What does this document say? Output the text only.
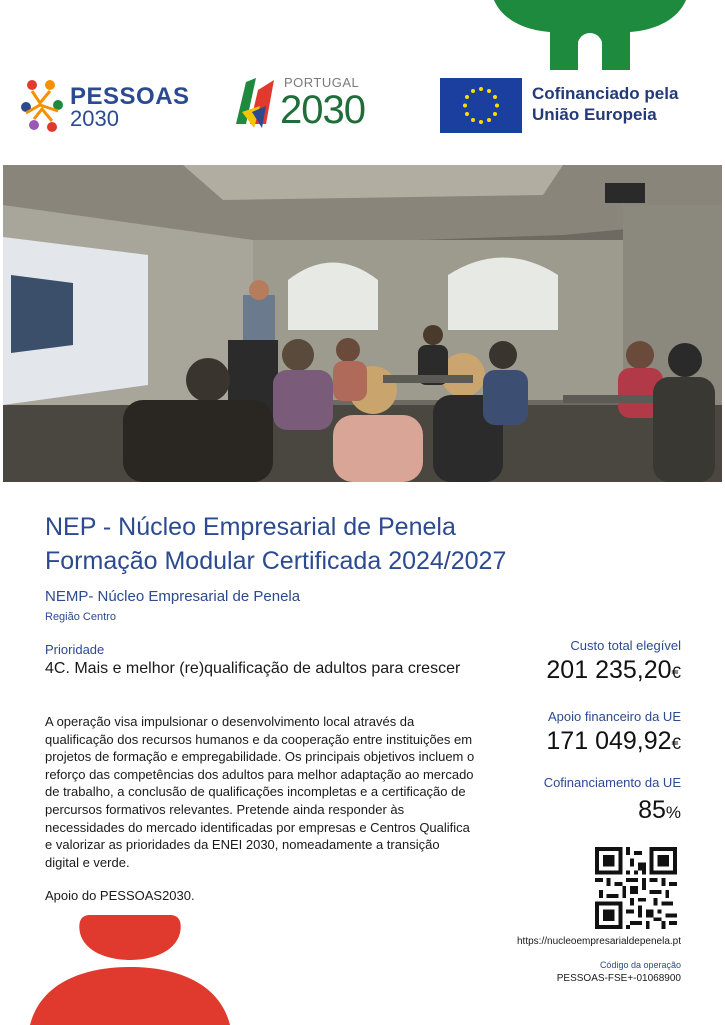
PESSOAS
2030
PORTUGAL
2030	Cofinanciado pela
União Europeia
NEP - Núcleo Empresarial de Penela
Formação Modular Certificada 2024/2027
NEMP- Núcleo Empresarial de Penela
Região Centro
Prioridade
4C. Mais e melhor (re)qualificação de adultos para crescer
A operação visa impulsionar o desenvolvimento local através da qualificação dos recursos humanos e da cooperação entre instituições em projetos de formação e empregabilidade. Os principais objetivos incluem o reforço das competências dos adultos para melhor adaptação ao mercado de trabalho, a conclusão de qualificações incompletas e a certificação de percursos formativos relevantes. Pretende ainda responder às necessidades do mercado identificadas por empresas e Centros Qualifica e valorizar as prioridades da ENEI 2030, nomeadamente a transição digital e verde.
Apoio do PESSOAS2030.
Custo total elegível
201 235,20€
Apoio financeiro da UE
171 049,92€
Cofinanciamento da UE
85%
https://nucleoempresarialdepenela.pt
Código da operação
PESSOAS-FSE+-01068900
